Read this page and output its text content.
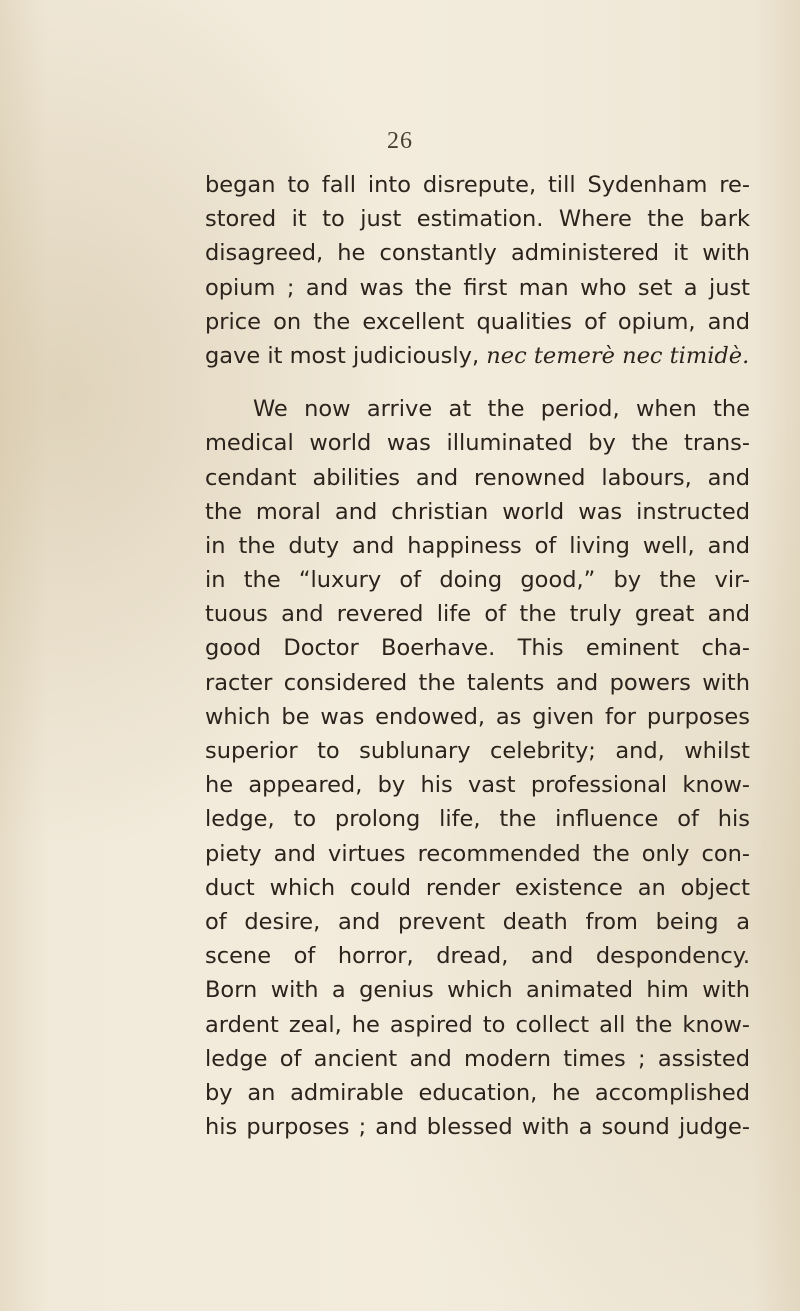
26
began to fall into disrepute, till Sydenham re-
stored it to just estimation. Where the bark
disagreed, he constantly administered it with
opium ; and was the first man who set a just
price on the excellent qualities of opium, and
gave it most judiciously, nec temerè nec timidè.
We now arrive at the period, when the
medical world was illuminated by the trans-
cendant abilities and renowned labours, and
the moral and christian world was instructed
in the duty and happiness of living well, and
in the “luxury of doing good,” by the vir-
tuous and revered life of the truly great and
good Doctor Boerhave. This eminent cha-
racter considered the talents and powers with
which be was endowed, as given for purposes
superior to sublunary celebrity; and, whilst
he appeared, by his vast professional know-
ledge, to prolong life, the influence of his
piety and virtues recommended the only con-
duct which could render existence an object
of desire, and prevent death from being a
scene of horror, dread, and despondency.
Born with a genius which animated him with
ardent zeal, he aspired to collect all the know-
ledge of ancient and modern times ; assisted
by an admirable education, he accomplished
his purposes ; and blessed with a sound judge-
